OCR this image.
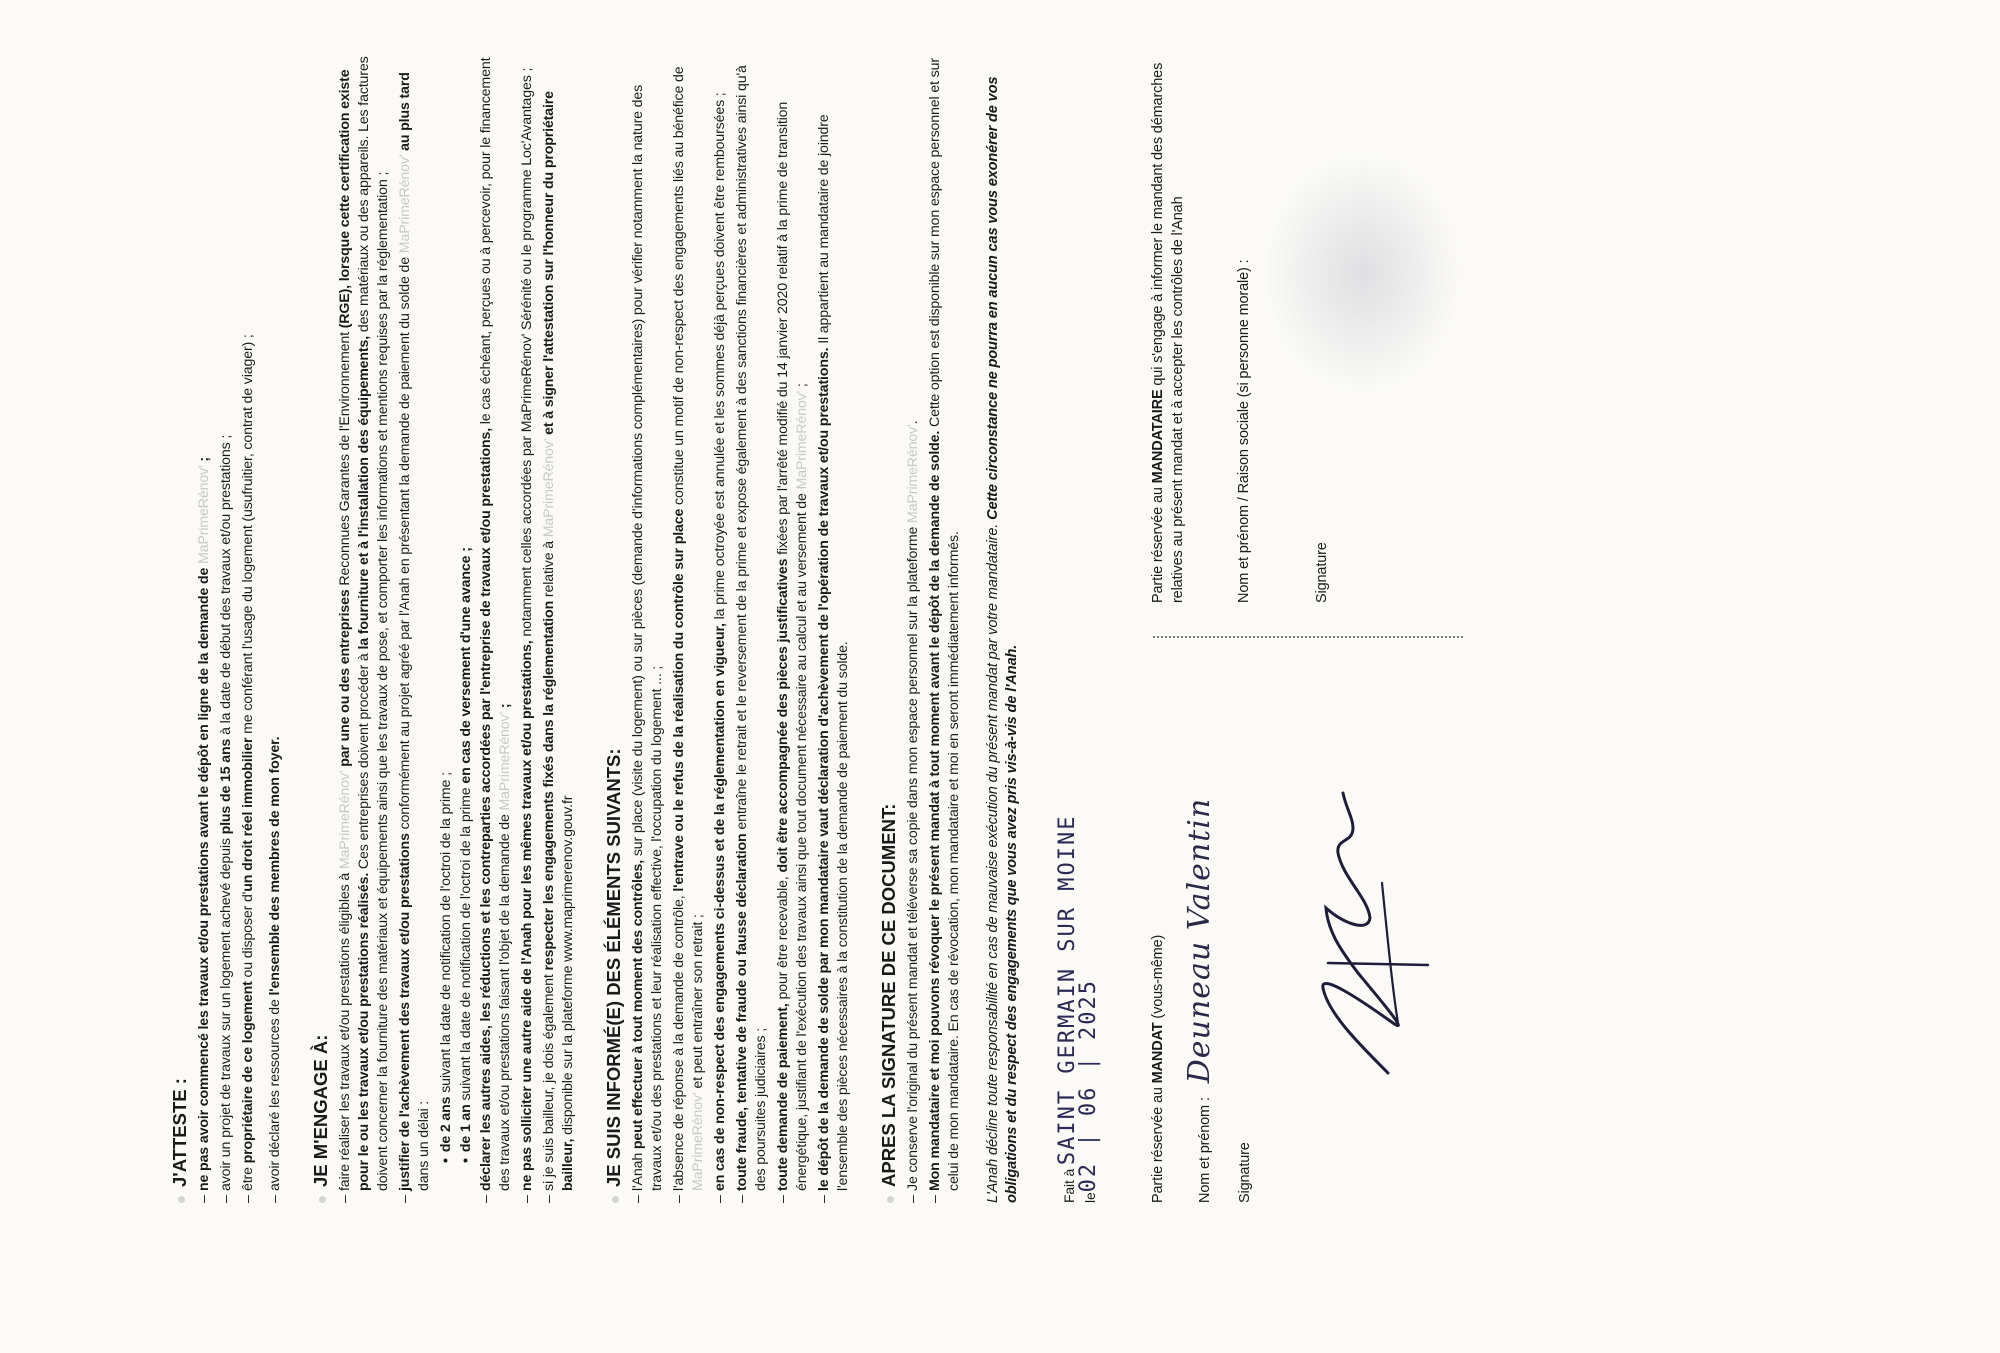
J'ATTESTE :
–ne pas avoir commencé les travaux et/ou prestations avant le dépôt en ligne de la demande de MaPrimeRénov' ;
–avoir un projet de travaux sur un logement achevé depuis plus de 15 ans à la date de début des travaux et/ou prestations ;
–être propriétaire de ce logement ou disposer d'un droit réel immobilier me conférant l'usage du logement (usufruitier, contrat de viager) ;
–avoir déclaré les ressources de l'ensemble des membres de mon foyer.
JE M'ENGAGE À:
–faire réaliser les travaux et/ou prestations éligibles à MaPrimeRénov' par une ou des entreprises Reconnues Garantes de l'Environnement (RGE), lorsque cette certification existe pour le ou les travaux et/ou prestations réalisés. Ces entreprises doivent procéder à la fourniture et à l'installation des équipements, des matériaux ou des appareils. Les factures doivent concerner la fourniture des matériaux et équipements ainsi que les travaux de pose, et comporter les informations et mentions requises par la réglementation ;
–justifier de l'achèvement des travaux et/ou prestations conformément au projet agréé par l'Anah en présentant la demande de paiement du solde de MaPrimeRénov' au plus tard dans un délai : •de 2 ans suivant la date de notification de l'octroi de la prime ;
•de 1 an suivant la date de notification de l'octroi de la prime en cas de versement d'une avance ;
–déclarer les autres aides, les réductions et les contreparties accordées par l'entreprise de travaux et/ou prestations, le cas échéant, perçues ou à percevoir, pour le financement des travaux et/ou prestations faisant l'objet de la demande de MaPrimeRénov' ;
–ne pas solliciter une autre aide de l'Anah pour les mêmes travaux et/ou prestations, notamment celles accordées par MaPrimeRénov' Sérénité ou le programme Loc'Avantages ;
–si je suis bailleur, je dois également respecter les engagements fixés dans la réglementation relative à MaPrimeRénov' et à signer l'attestation sur l'honneur du propriétaire bailleur, disponible sur la plateforme www.maprimerenov.gouv.fr JE SUIS INFORMÉ(E) DES ÉLÉMENTS SUIVANTS:
–l'Anah peut effectuer à tout moment des contrôles, sur place (visite du logement) ou sur pièces (demande d'informations complémentaires) pour vérifier notamment la nature des travaux et/ou des prestations et leur réalisation effective, l'occupation du logement ... ;
–l'absence de réponse à la demande de contrôle, l'entrave ou le refus de la réalisation du contrôle sur place constitue un motif de non-respect des engagements liés au bénéfice de MaPrimeRénov' et peut entraîner son retrait ;
–en cas de non-respect des engagements ci-dessus et de la réglementation en vigueur, la prime octroyée est annulée et les sommes déjà perçues doivent être remboursées ;
–toute fraude, tentative de fraude ou fausse déclaration entraîne le retrait et le reversement de la prime et expose également à des sanctions financières et administratives ainsi qu'à des poursuites judiciaires ;
–toute demande de paiement, pour être recevable, doit être accompagnée des pièces justificatives fixées par l'arrêté modifié du 14 janvier 2020 relatif à la prime de transition énergétique, justifiant de l'exécution des travaux ainsi que tout document nécessaire au calcul et au versement de MaPrimeRénov' ;
–le dépôt de la demande de solde par mon mandataire vaut déclaration d'achèvement de l'opération de travaux et/ou prestations. Il appartient au mandataire de joindre l'ensemble des pièces nécessaires à la constitution de la demande de paiement du solde. APRES LA SIGNATURE DE CE DOCUMENT:
–Je conserve l'original du présent mandat et téléverse sa copie dans mon espace personnel sur la plateforme MaPrimeRénov'.
–Mon mandataire et moi pouvons révoquer le présent mandat à tout moment avant le dépôt de la demande de solde. Cette option est disponible sur mon espace personnel et sur celui de mon mandataire. En cas de révocation, mon mandataire et moi en seront immédiatement informés. L'Anah décline toute responsabilité en cas de mauvaise exécution du présent mandat par votre mandataire. Cette circonstance ne pourra en aucun cas vous exonérer de vos obligations et du respect des engagements que vous avez pris vis-à-vis de l'Anah.	Fait à SAINT GERMAIN SUR MOINE
le02 | 06 | 2025	Partie réservée au MANDAT (vous-même)
Nom et prénom :Deuneau Valentin
Signature
Partie réservée au MANDATAIRE qui s'engage à informer le mandant des démarches relatives au présent mandat et à accepter les contrôles de l'Anah	Nom et prénom / Raison sociale (si personne morale) :	Signature
